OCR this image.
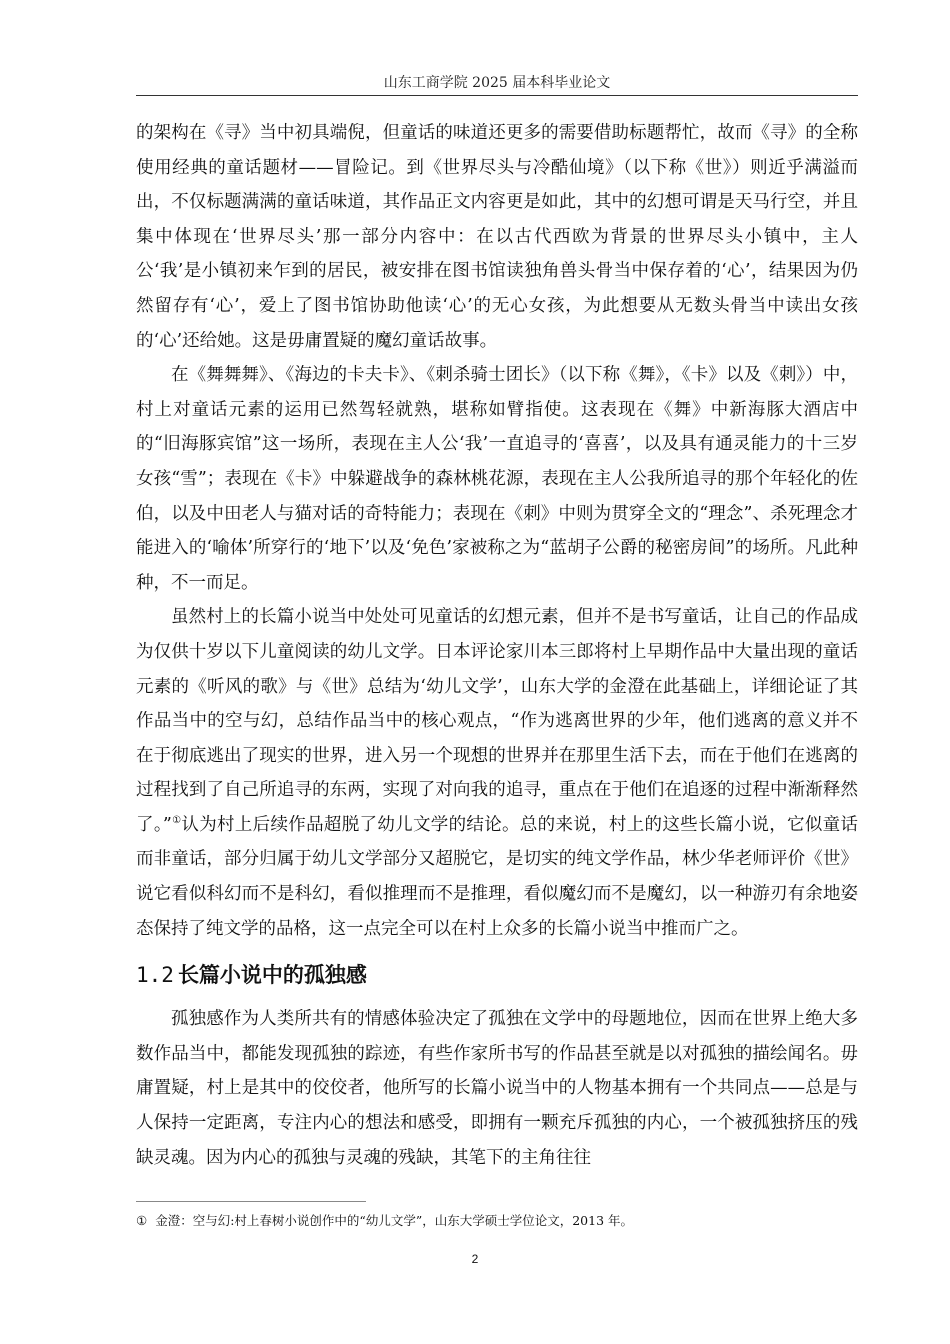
山东工商学院 2025 届本科毕业论文

的架构在《寻》当中初具端倪，但童话的味道还更多的需要借助标题帮忙，故而《寻》的全称使用经典的童话题材——冒险记。到《世界尽头与冷酷仙境》（以下称《世》）则近乎满溢而出，不仅标题满满的童话味道，其作品正文内容更是如此，其中的幻想可谓是天马行空，并且集中体现在‘世界尽头’那一部分内容中：在以古代西欧为背景的世界尽头小镇中，主人公‘我’是小镇初来乍到的居民，被安排在图书馆读独角兽头骨当中保存着的‘心’，结果因为仍然留存有‘心’，爱上了图书馆协助他读‘心’的无心女孩，为此想要从无数头骨当中读出女孩的‘心’还给她。这是毋庸置疑的魔幻童话故事。

在《舞舞舞》、《海边的卡夫卡》、《刺杀骑士团长》（以下称《舞》，《卡》以及《刺》）中，村上对童话元素的运用已然驾轻就熟，堪称如臂指使。这表现在《舞》中新海豚大酒店中的“旧海豚宾馆”这一场所，表现在主人公‘我’一直追寻的‘喜喜’，以及具有通灵能力的十三岁女孩“雪”；表现在《卡》中躲避战争的森林桃花源，表现在主人公我所追寻的那个年轻化的佐伯，以及中田老人与猫对话的奇特能力；表现在《刺》中则为贯穿全文的“理念”、杀死理念才能进入的‘喻体’所穿行的‘地下’以及‘免色’家被称之为“蓝胡子公爵的秘密房间”的场所。凡此种种，不一而足。

虽然村上的长篇小说当中处处可见童话的幻想元素，但并不是书写童话，让自己的作品成为仅供十岁以下儿童阅读的幼儿文学。日本评论家川本三郎将村上早期作品中大量出现的童话元素的《听风的歌》与《世》总结为‘幼儿文学’，山东大学的金澄在此基础上，详细论证了其作品当中的空与幻，总结作品当中的核心观点，“作为逃离世界的少年，他们逃离的意义并不在于彻底逃出了现实的世界，进入另一个现想的世界并在那里生活下去，而在于他们在逃离的过程找到了自己所追寻的东两，实现了对向我的追寻，重点在于他们在追逐的过程中渐渐释然了。”①认为村上后续作品超脱了幼儿文学的结论。总的来说，村上的这些长篇小说，它似童话而非童话，部分归属于幼儿文学部分又超脱它，是切实的纯文学作品，林少华老师评价《世》说它看似科幻而不是科幻，看似推理而不是推理，看似魔幻而不是魔幻，以一种游刃有余地姿态保持了纯文学的品格，这一点完全可以在村上众多的长篇小说当中推而广之。

1.2 长篇小说中的孤独感

孤独感作为人类所共有的情感体验决定了孤独在文学中的母题地位，因而在世界上绝大多数作品当中，都能发现孤独的踪迹，有些作家所书写的作品甚至就是以对孤独的描绘闻名。毋庸置疑，村上是其中的佼佼者，他所写的长篇小说当中的人物基本拥有一个共同点——总是与人保持一定距离，专注内心的想法和感受，即拥有一颗充斥孤独的内心，一个被孤独挤压的残缺灵魂。因为内心的孤独与灵魂的残缺，其笔下的主角往往

① 金澄：空与幻:村上春树小说创作中的“幼儿文学”，山东大学硕士学位论文，2013 年。
2
